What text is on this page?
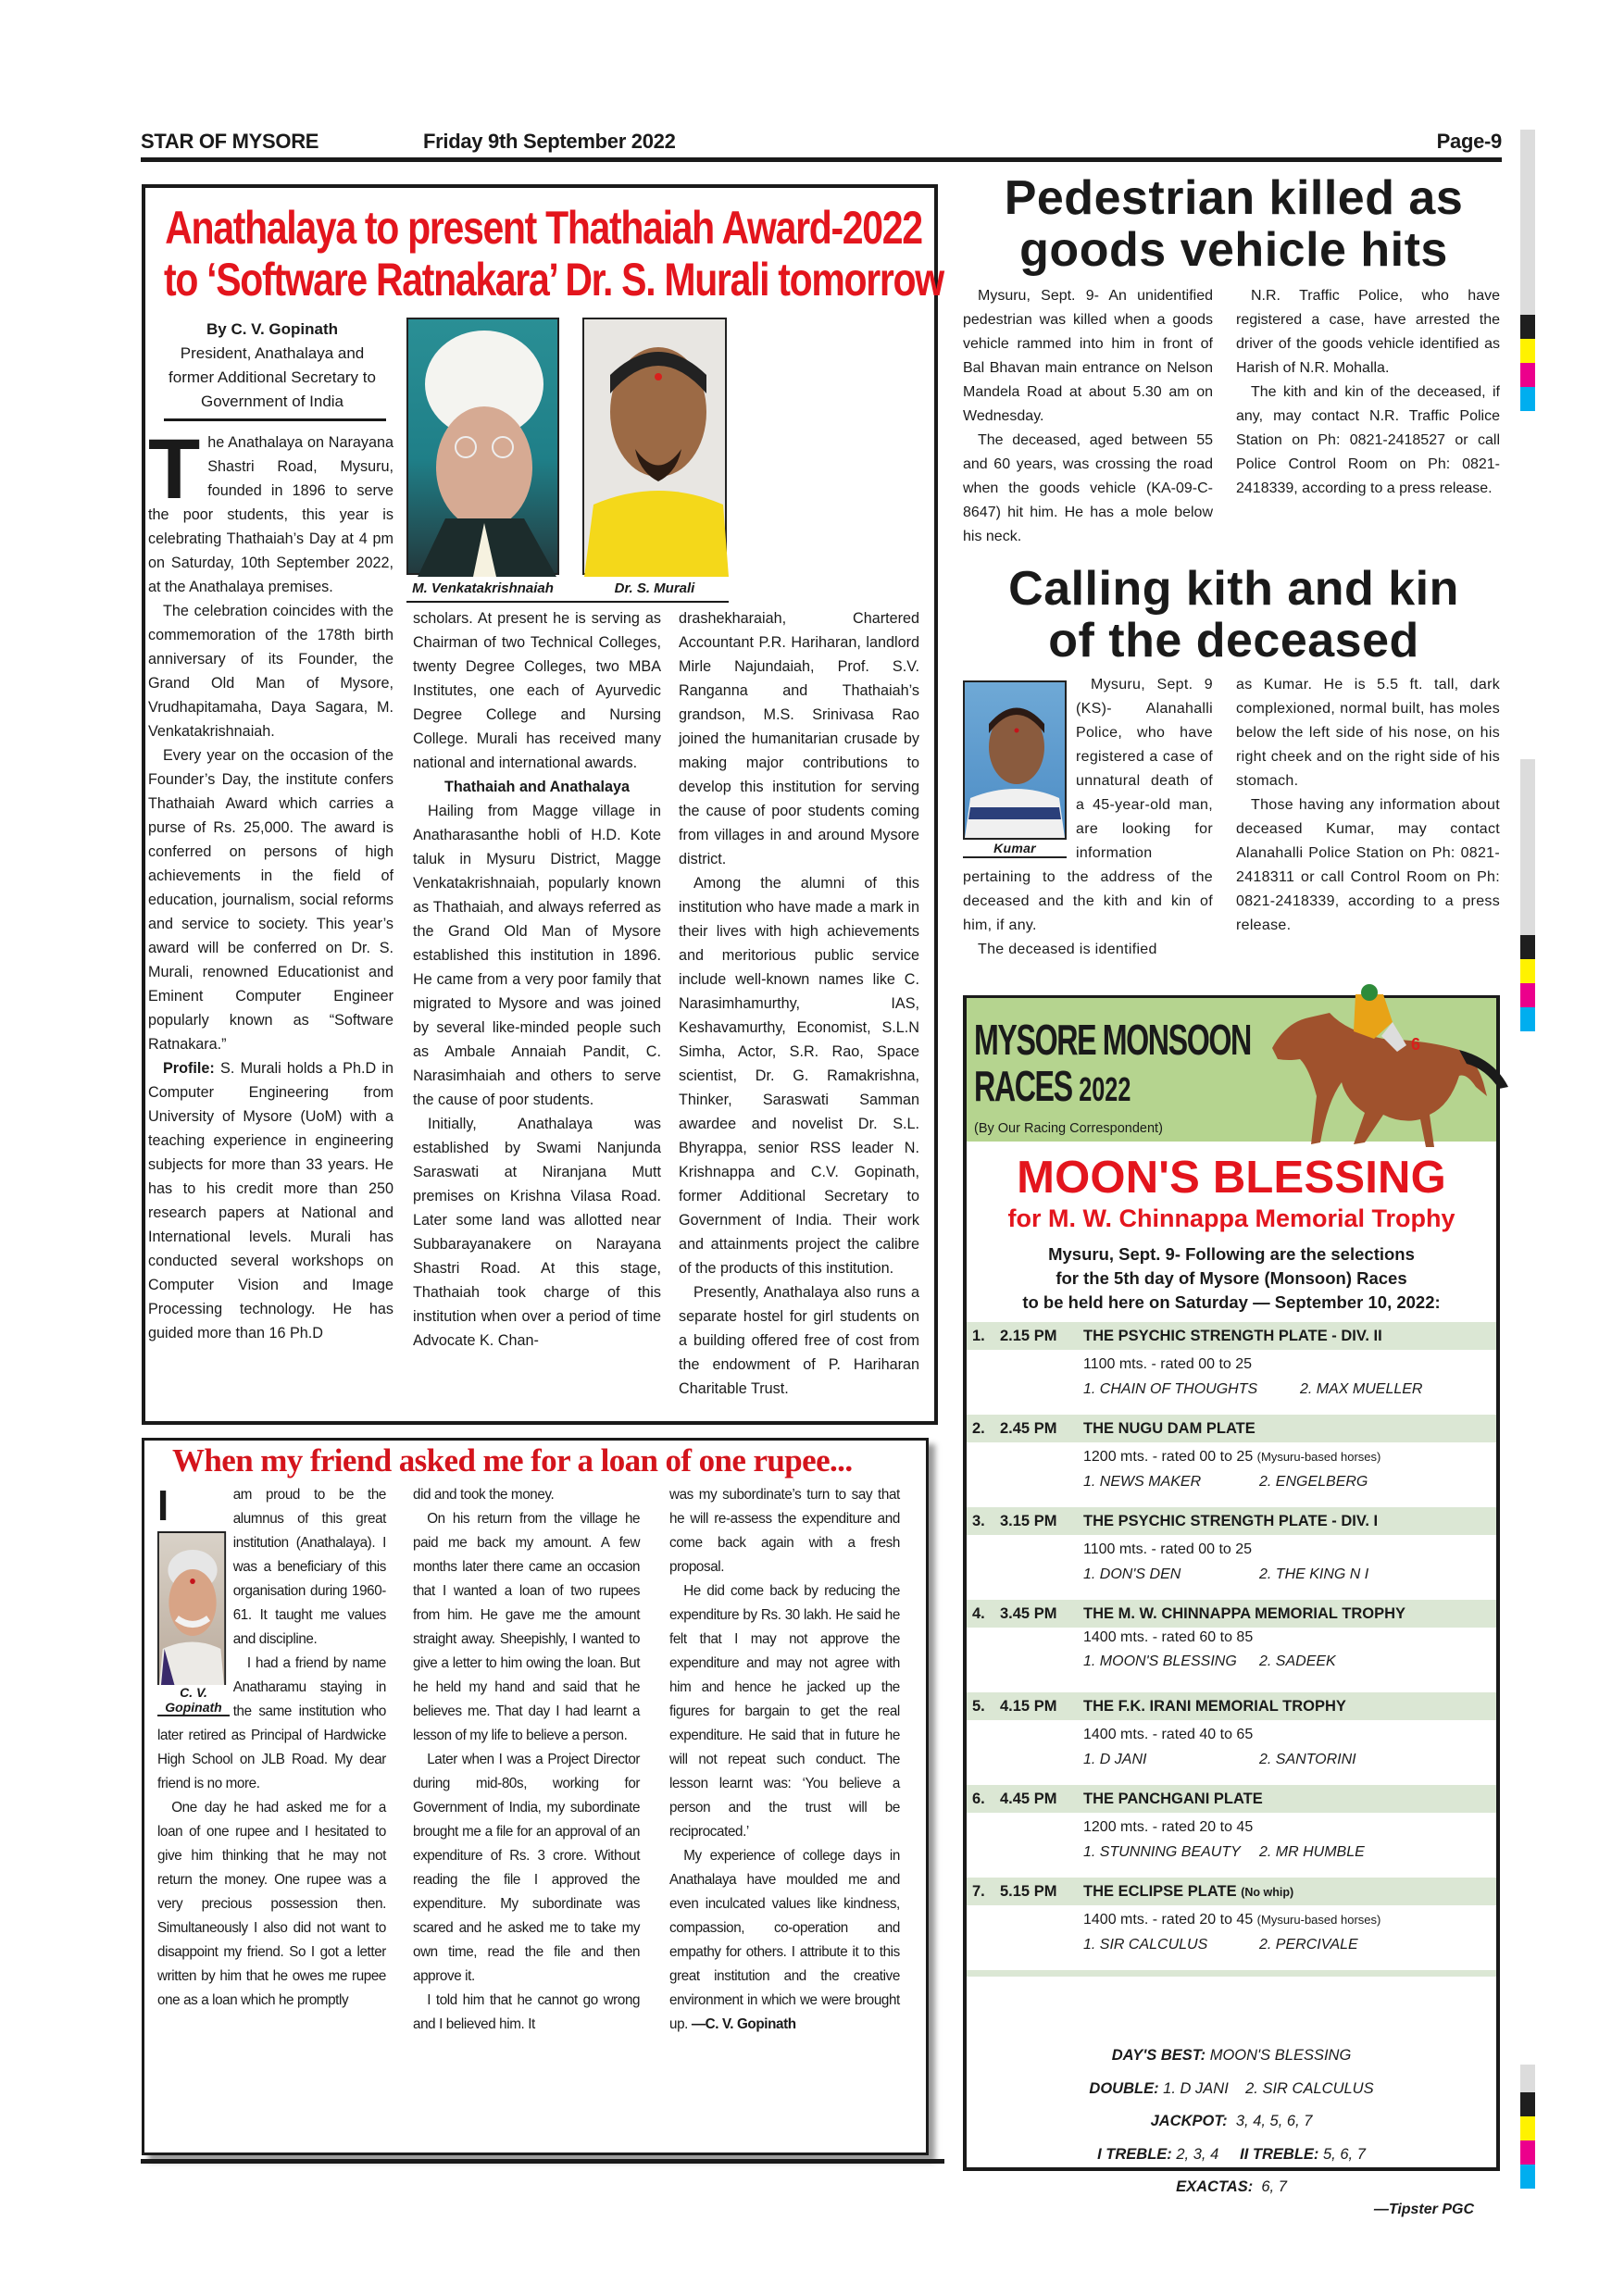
STAR OF MYSORE	Friday 9th September 2022	Page-9
Anathalaya to present Thathaiah Award-2022
to ‘Software Ratnakara’ Dr. S. Murali tomorrow
By C. V. Gopinath
President, Anathalaya and
former Additional Secretary to
Government of India
M. Venkatakrishnaiah	Dr. S. Murali

The Anathalaya on Narayana Shastri Road, Mysuru, founded in 1896 to serve the poor students, this year is celebrating Thathaiah’s Day at 4 pm on Saturday, 10th September 2022, at the Anathalaya premises.

The celebration coincides with the commemoration of the 178th birth anniversary of its Founder, the Grand Old Man of Mysore, Vrudhapitamaha, Daya Sagara, M. Venkatakrishnaiah.

Every year on the occasion of the Founder’s Day, the institute confers Thathaiah Award which carries a purse of Rs. 25,000. The award is conferred on persons of high achievements in the field of education, journalism, social reforms and service to society. This year’s award will be conferred on Dr. S. Murali, renowned Educationist and Eminent Computer Engineer popularly known as “Software Ratnakara.”

Profile: S. Murali holds a Ph.D in Computer Engineering from University of Mysore (UoM) with a teaching experience in engineering subjects for more than 33 years. He has to his credit more than 250 research papers at National and International levels. Murali has conducted several workshops on Computer Vision and Image Processing technology. He has guided more than 16 Ph.D

scholars. At present he is serving as Chairman of two Technical Colleges, twenty Degree Colleges, two MBA Institutes, one each of Ayurvedic Degree College and Nursing College. Murali has received many national and international awards.

Thathaiah and Anathalaya

Hailing from Magge village in Anatharasanthe hobli of H.D. Kote taluk in Mysuru District, Magge Venkatakrishnaiah, popularly known as Thathaiah, and always referred as the Grand Old Man of Mysore established this institution in 1896. He came from a very poor family that migrated to Mysore and was joined by several like-minded people such as Ambale Annaiah Pandit, C. Narasimhaiah and others to serve the cause of poor students.

Initially, Anathalaya was established by Swami Nanjunda Saraswati at Niranjana Mutt premises on Krishna Vilasa Road. Later some land was allotted near Subbarayanakere on Narayana Shastri Road. At this stage, Thathaiah took charge of this institution when over a period of time Advocate K. Chan-

drashekharaiah, Chartered Accountant P.R. Hariharan, landlord Mirle Najundaiah, Prof. S.V. Ranganna and Thathaiah’s grandson, M.S. Srinivasa Rao joined the humanitarian crusade by making major contributions to develop this institution for serving the cause of poor students coming from villages in and around Mysore district.

Among the alumni of this institution who have made a mark in their lives with high achievements and meritorious public service include well-known names like C. Narasimhamurthy, IAS, Keshavamurthy, Economist, S.L.N Simha, Actor, S.R. Rao, Space scientist, Dr. G. Ramakrishna, Thinker, Saraswati Samman awardee and novelist Dr. S.L. Bhyrappa, senior RSS leader N. Krishnappa and C.V. Gopinath, former Additional Secretary to Government of India. Their work and attainments project the calibre of the products of this institution.

Presently, Anathalaya also runs a separate hostel for girl students on a building offered free of cost from the endowment of P. Hariharan Charitable Trust.

When my friend asked me for a loan of one rupee...

I	am proud to be the alumnus of this great institution (Anathalaya). I was a beneficiary of this organisation during 1960-61. It taught me values and discipline.

I had a friend by name Anatharamu staying in the same institution who later retired as Principal of Hardwicke High School on JLB Road. My dear friend is no more.

One day he had asked me for a loan of one rupee and I hesitated to give him thinking that he may not return the money. One rupee was a very precious possession then. Simultaneously I also did not want to disappoint my friend. So I got a letter written by him that he owes me rupee one as a loan which he promptly

C. V. Gopinath

did and took the money.

On his return from the village he paid me back my amount. A few months later there came an occasion that I wanted a loan of two rupees from him. He gave me the amount straight away. Sheepishly, I wanted to give a letter to him owing the loan. But he held my hand and said that he believes me. That day I had learnt a lesson of my life to believe a person.

Later when I was a Project Director during mid-80s, working for Government of India, my subordinate brought me a file for an approval of an expenditure of Rs. 3 crore. Without reading the file I approved the expenditure. My subordinate was scared and he asked me to take my own time, read the file and then approve it.

I told him that he cannot go wrong and I believed him. It

was my subordinate’s turn to say that he will re-assess the expenditure and come back again with a fresh proposal.

He did come back by reducing the expenditure by Rs. 30 lakh. He said he felt that I may not approve the expenditure and may not agree with him and hence he jacked up the figures for bargain to get the real expenditure. He said that in future he will not repeat such conduct. The lesson learnt was: ‘You believe a person and the trust will be reciprocated.’

My experience of college days in Anathalaya have moulded me and even inculcated values like kindness, compassion, co-operation and empathy for others. I attribute it to this great institution and the creative environment in which we were brought up. —C. V. Gopinath

Pedestrian killed as
goods vehicle hits

Mysuru, Sept. 9- An unidentified pedestrian was killed when a goods vehicle rammed into him in front of Bal Bhavan main entrance on Nelson Mandela Road at about 5.30 am on Wednesday.

The deceased, aged between 55 and 60 years, was crossing the road when the goods vehicle (KA-09-C-8647) hit him. He has a mole below his neck.

N.R. Traffic Police, who have registered a case, have arrested the driver of the goods vehicle identified as Harish of N.R. Mohalla.

The kith and kin of the deceased, if any, may contact N.R. Traffic Police Station on Ph: 0821-2418527 or call Police Control Room on Ph: 0821-2418339, according to a press release.

Calling kith and kin
of the deceased
Kumar

Mysuru, Sept. 9 (KS)- Alanahalli Police, who have registered a case of unnatural death of a 45-year-old man, are looking for information pertaining to the address of the deceased and the kith and kin of him, if any.

The deceased is identified

as Kumar. He is 5.5 ft. tall, dark complexioned, normal built, has moles below the left side of his nose, on his right cheek and on the right side of his stomach.

Those having any information about deceased Kumar, may contact Alanahalli Police Station on Ph: 0821-2418311 or call Control Room on Ph: 0821-2418339, according to a press release.

MYSORE MONSOON
RACES 2022
(By Our Racing Correspondent)
6
MOON'S BLESSING
for M. W. Chinnappa Memorial Trophy
Mysuru, Sept. 9- Following are the selections
for the 5th day of Mysore (Monsoon) Races
to be held here on Saturday — September 10, 2022:
1. 2.15 PM THE PSYCHIC STRENGTH PLATE - DIV. II
1100 mts. - rated 00 to 25
1. CHAIN OF THOUGHTS	2. MAX MUELLER
2. 2.45 PM THE NUGU DAM PLATE
1200 mts. - rated 00 to 25 (Mysuru-based horses)
1. NEWS MAKER	2. ENGELBERG
3. 3.15 PM THE PSYCHIC STRENGTH PLATE - DIV. I
1100 mts. - rated 00 to 25
1. DON'S DEN	2. THE KING N I
4. 3.45 PM THE M. W. CHINNAPPA MEMORIAL TROPHY
1400 mts. - rated 60 to 85
1. MOON'S BLESSING 2. SADEEK
5. 4.15 PM THE F.K. IRANI MEMORIAL TROPHY
1400 mts. - rated 40 to 65
1. D JANI	2. SANTORINI
6. 4.45 PM THE PANCHGANI PLATE
1200 mts. - rated 20 to 45
1. STUNNING BEAUTY 2. MR HUMBLE
7. 5.15 PM THE ECLIPSE PLATE (No whip)
1400 mts. - rated 20 to 45 (Mysuru-based horses)
1. SIR CALCULUS	2. PERCIVALE
DAY'S BEST: MOON'S BLESSING
DOUBLE: 1. D JANI    2. SIR CALCULUS
JACKPOT:  3, 4, 5, 6, 7
I TREBLE: 2, 3, 4 II TREBLE: 5, 6, 7
EXACTAS:  6, 7
—Tipster PGC
